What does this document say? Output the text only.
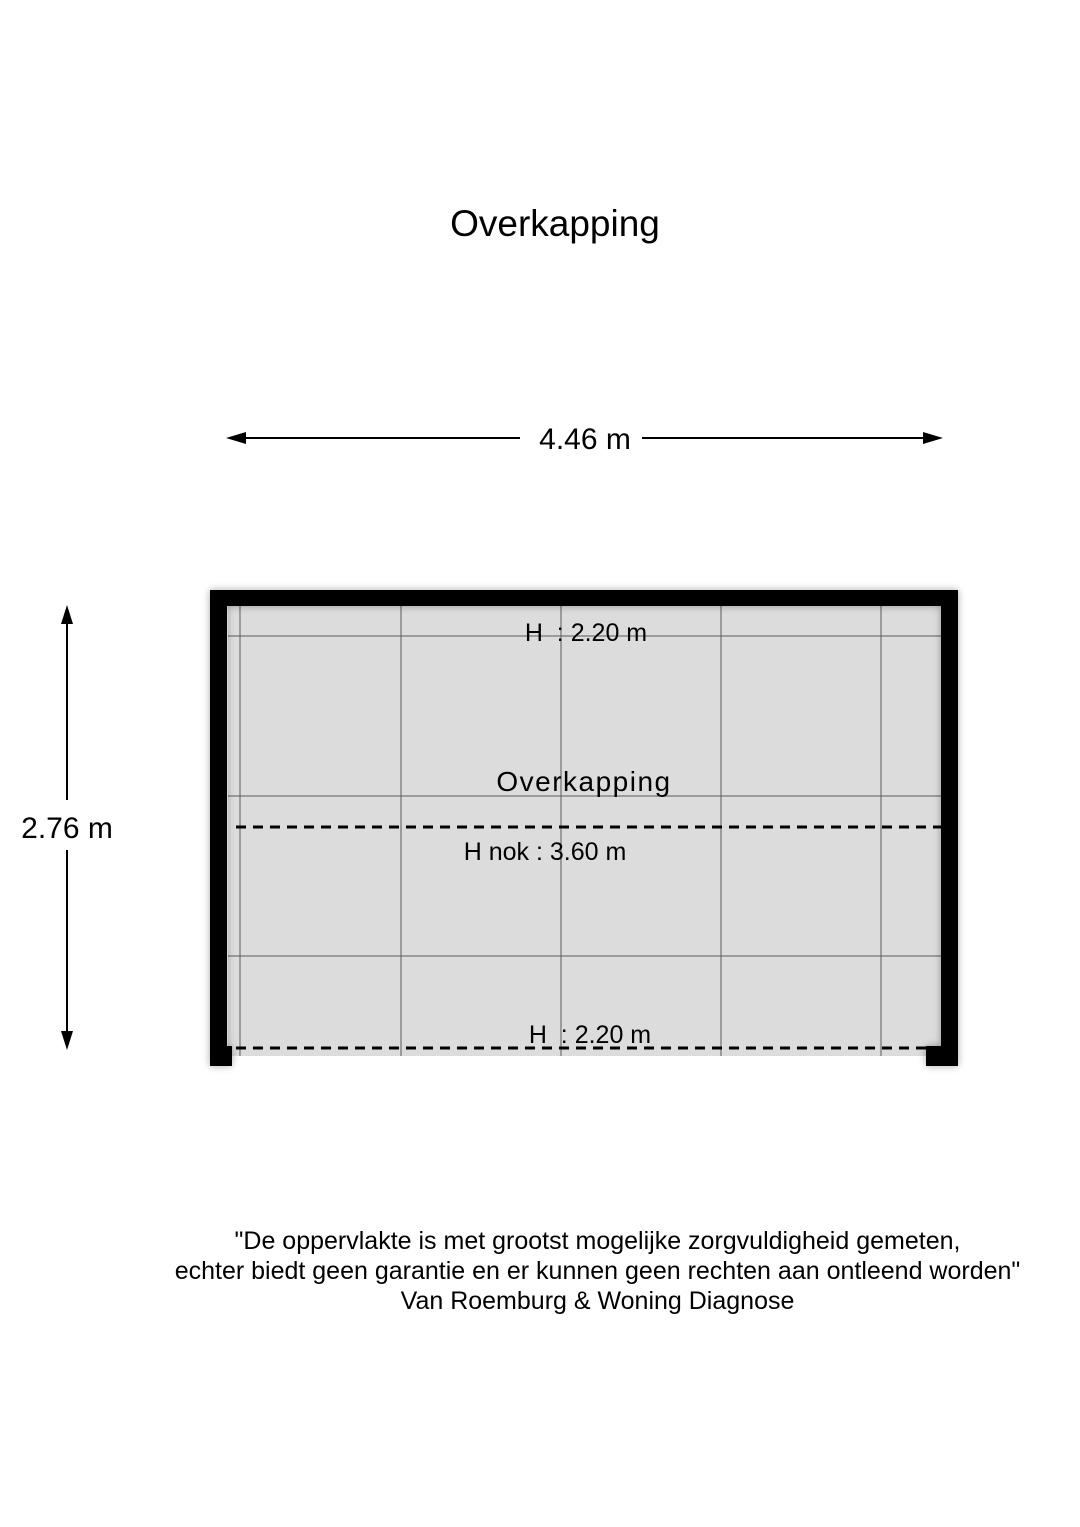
Overkapping
4.46 m
2.76 m
H  : 2.20 m
Overkapping
H nok : 3.60 m
H  : 2.20 m
"De oppervlakte is met grootst mogelijke zorgvuldigheid gemeten,
echter biedt geen garantie en er kunnen geen rechten aan ontleend worden"
Van Roemburg & Woning Diagnose
